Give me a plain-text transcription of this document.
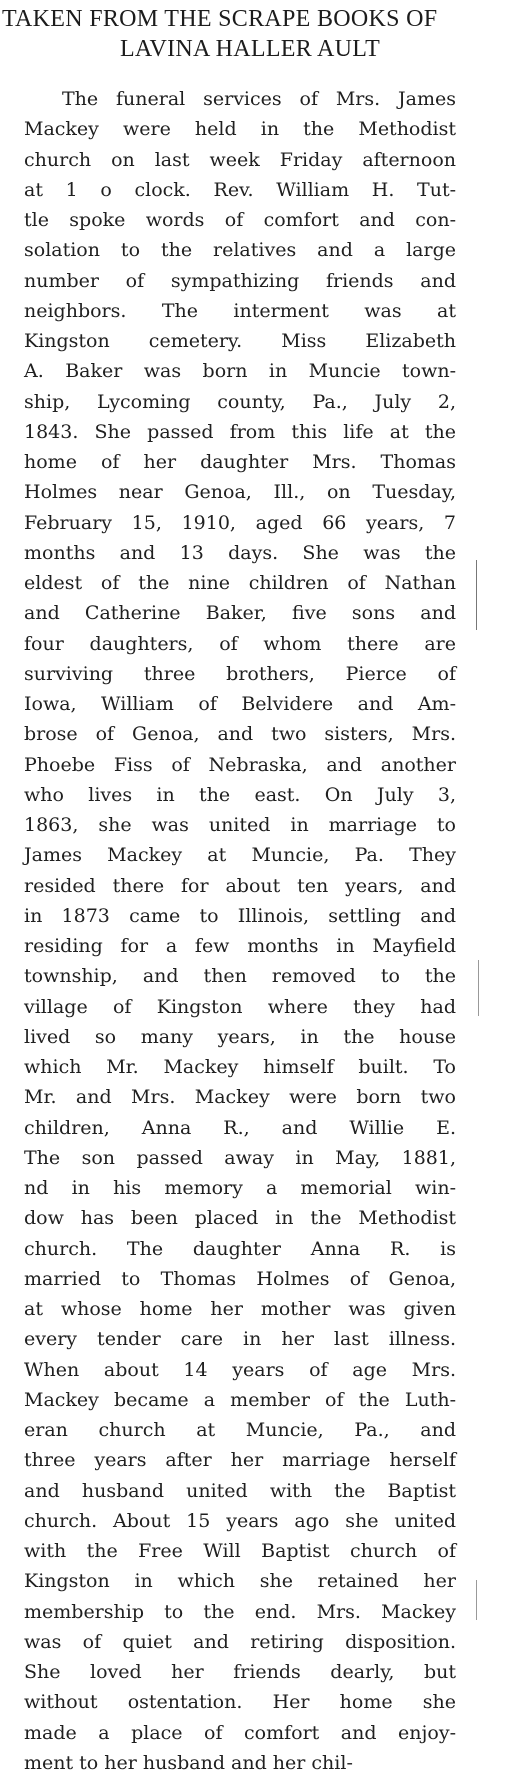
TAKEN FROM THE SCRAPE BOOKS OF
LAVINA HALLER AULT
The funeral services of Mrs. James
Mackey were held in the Methodist
church on last week Friday afternoon
at 1 o clock. Rev. William H. Tut-
tle spoke words of comfort and con-
solation to the relatives and a large
number of sympathizing friends and
neighbors. The interment was at
Kingston cemetery. Miss Elizabeth
A. Baker was born in Muncie town-
ship, Lycoming county, Pa., July 2,
1843. She passed from this life at the
home of her daughter Mrs. Thomas
Holmes near Genoa, Ill., on Tuesday,
February 15, 1910, aged 66 years, 7
months and 13 days. She was the
eldest of the nine children of Nathan
and Catherine Baker, five sons and
four daughters, of whom there are
surviving three brothers, Pierce of
Iowa, William of Belvidere and Am-
brose of Genoa, and two sisters, Mrs.
Phoebe Fiss of Nebraska, and another
who lives in the east. On July 3,
1863, she was united in marriage to
James Mackey at Muncie, Pa. They
resided there for about ten years, and
in 1873 came to Illinois, settling and
residing for a few months in Mayfield
township, and then removed to the
village of Kingston where they had
lived so many years, in the house
which Mr. Mackey himself built. To
Mr. and Mrs. Mackey were born two
children, Anna R., and Willie E.
The son passed away in May, 1881,
nd in his memory a memorial win-
dow has been placed in the Methodist
church. The daughter Anna R. is
married to Thomas Holmes of Genoa,
at whose home her mother was given
every tender care in her last illness.
When about 14 years of age Mrs.
Mackey became a member of the Luth-
eran church at Muncie, Pa., and
three years after her marriage herself
and husband united with the Baptist
church. About 15 years ago she united
with the Free Will Baptist church of
Kingston in which she retained her
membership to the end. Mrs. Mackey
was of quiet and retiring disposition.
She loved her friends dearly, but
without ostentation. Her home she
made a place of comfort and enjoy-
ment to her husband and her chil-
